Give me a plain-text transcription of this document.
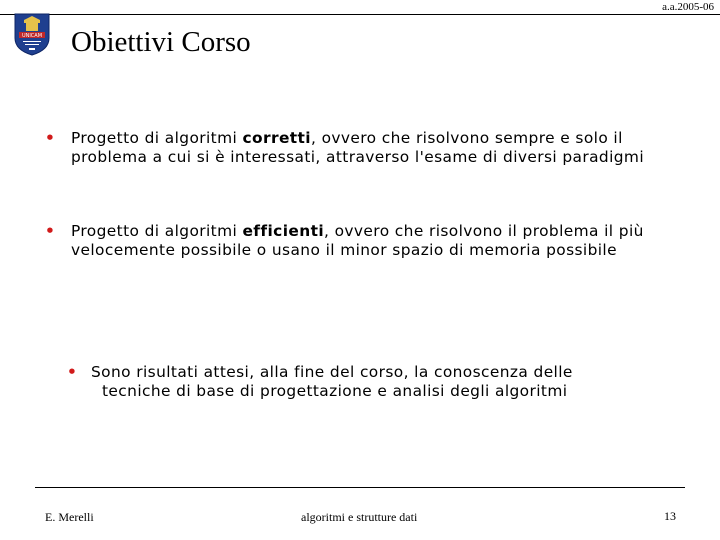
a.a.2005-06
UNICAM Obiettivi Corso
•	Progetto di algoritmi corretti, ovvero che risolvono sempre e solo il problema a cui si è interessati, attraverso l'esame di diversi paradigmi
•	Progetto di algoritmi efficienti, ovvero che risolvono il problema il più velocemente possibile o usano il minor spazio di memoria possibile
• Sono risultati attesi, alla fine del corso, la conoscenza delle
tecniche di base di progettazione e analisi degli algoritmi
E. Merelli	algoritmi e strutture dati	13
